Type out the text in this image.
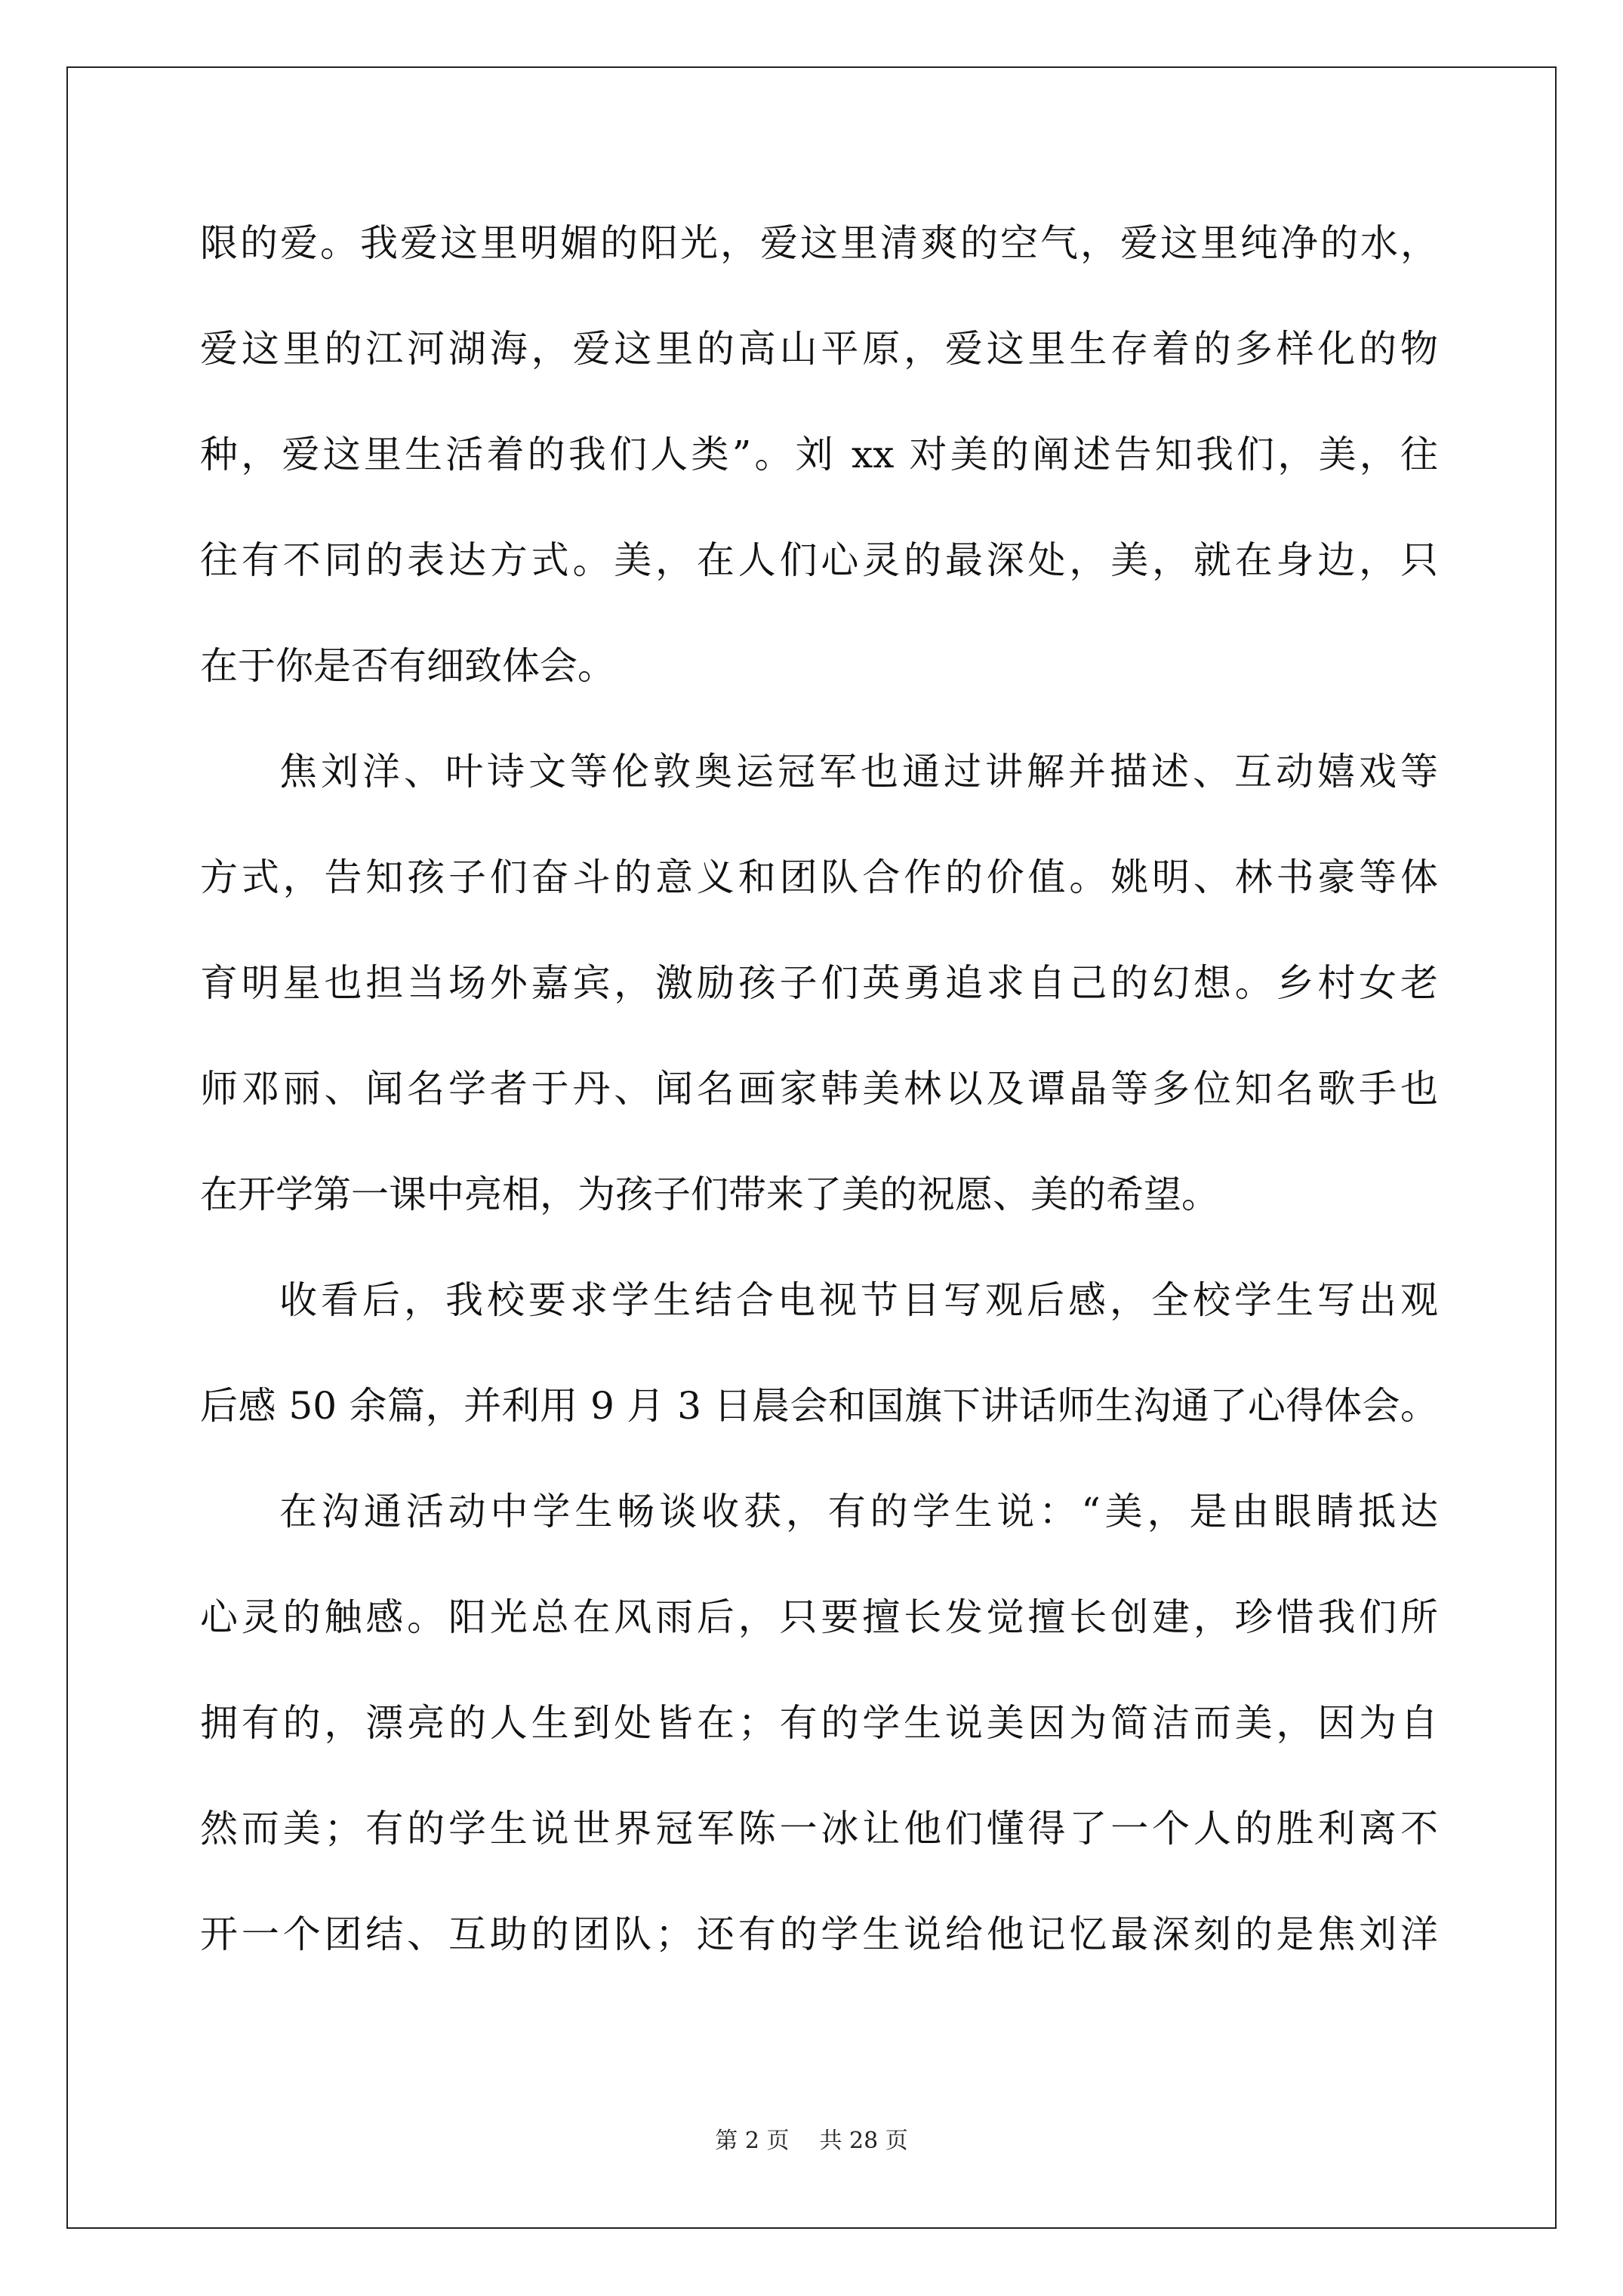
限的爱。我爱这里明媚的阳光，爱这里清爽的空气，爱这里纯净的水，
爱这里的江河湖海，爱这里的高山平原，爱这里生存着的多样化的物
种，爱这里生活着的我们人类”。刘 xx 对美的阐述告知我们，美，往
往有不同的表达方式。美，在人们心灵的最深处，美，就在身边，只
在于你是否有细致体会。
焦刘洋、叶诗文等伦敦奥运冠军也通过讲解并描述、互动嬉戏等
方式，告知孩子们奋斗的意义和团队合作的价值。姚明、林书豪等体
育明星也担当场外嘉宾，激励孩子们英勇追求自己的幻想。乡村女老
师邓丽、闻名学者于丹、闻名画家韩美林以及谭晶等多位知名歌手也
在开学第一课中亮相，为孩子们带来了美的祝愿、美的希望。
收看后，我校要求学生结合电视节目写观后感，全校学生写出观
后感 50 余篇，并利用 9 月 3 日晨会和国旗下讲话师生沟通了心得体会。
在沟通活动中学生畅谈收获，有的学生说：“美，是由眼睛抵达
心灵的触感。阳光总在风雨后，只要擅长发觉擅长创建，珍惜我们所
拥有的，漂亮的人生到处皆在；有的学生说美因为简洁而美，因为自
然而美；有的学生说世界冠军陈一冰让他们懂得了一个人的胜利离不
开一个团结、互助的团队；还有的学生说给他记忆最深刻的是焦刘洋
第 2 页 共 28 页
